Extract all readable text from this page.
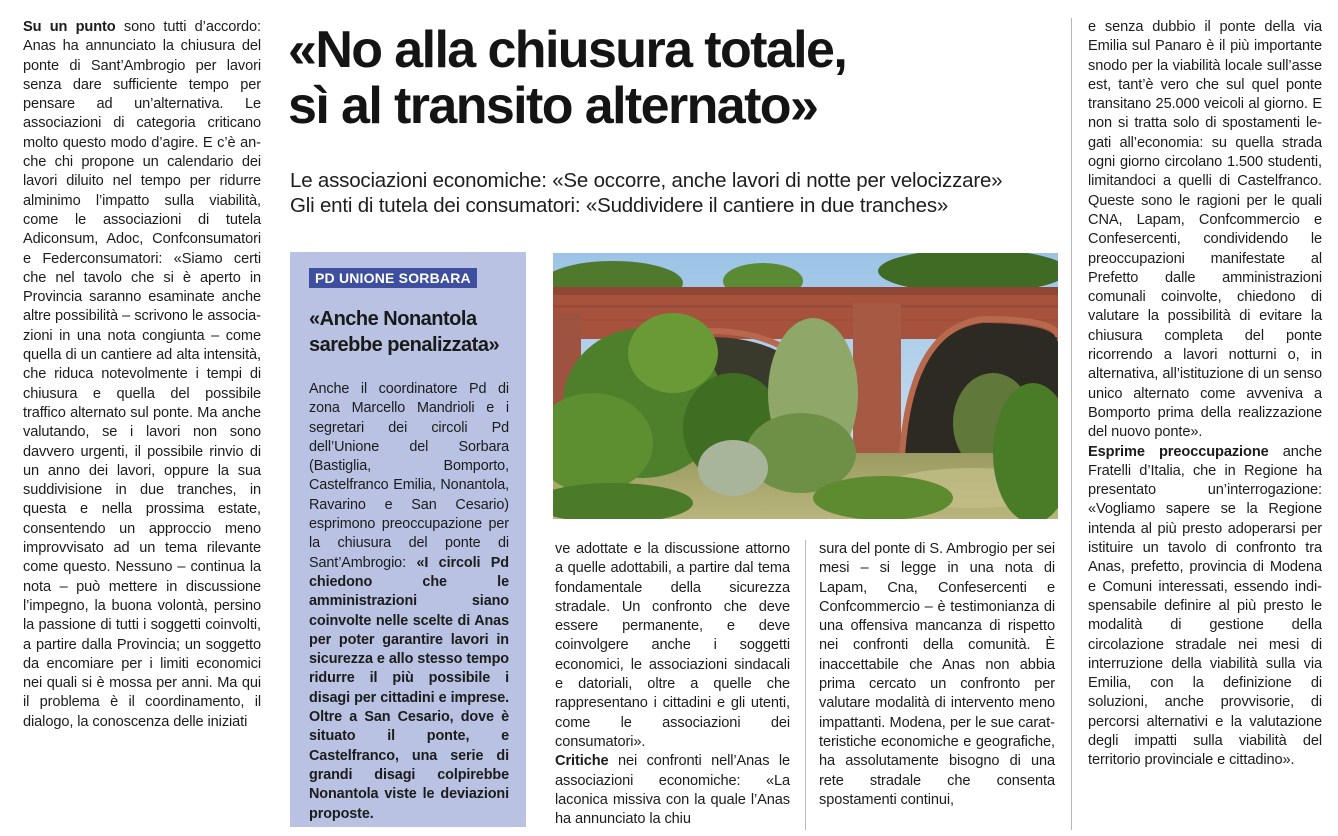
Su un punto sono tutti d’accordo: Anas ha annunciato la chiusura del ponte di Sant’Ambrogio per lavori senza dare sufficiente tempo per pensare ad un’alternativa. Le associazioni di categoria criticano molto questo modo d’agire. E c’è anche chi propone un calendario dei lavori diluito nel tempo per ridurre alminimo l’impatto sulla viabilità, come le associazioni di tutela Adiconsum, Adoc, Confconsumatori e Federconsumatori: «Siamo certi che nel tavolo che si è aperto in Provincia saranno esaminate anche altre possibilità – scrivono le associazioni in una nota congiunta – come quella di un cantiere ad alta intensità, che riduca notevolmente i tempi di chiusura e quella del possibile traffico alternato sul ponte. Ma anche valutando, se i lavori non sono davvero urgenti, il possibile rinvio di un anno dei lavori, oppure la sua suddivisione in due tranches, in questa e nella prossima estate, consentendo un approccio meno improvvisato ad un tema rilevante come questo. Nessuno – continua la nota – può mettere in discussione l’impegno, la buona volontà, persino la passione di tutti i soggetti coinvolti, a partire dalla Provincia; un soggetto da encomiare per i limiti economici nei quali si è mossa per anni. Ma qui il problema è il coordinamento, il dialogo, la conoscenza delle iniziati

«No alla chiusura totale,
sì al transito alternato»
Le associazioni economiche: «Se occorre, anche lavori di notte per velocizzare»
Gli enti di tutela dei consumatori: «Suddividere il cantiere in due tranches»
PD UNIONE SORBARA
«Anche Nonantola sarebbe penalizzata»
Anche il coordinatore Pd di zona Marcello Mandrioli e i segretari dei circoli Pd dell’Unione del Sorbara (Bastiglia, Bomporto, Castelfranco Emilia, Nonantola, Ravarino e San Cesario) esprimono preoccupazione per la chiusura del ponte di Sant’Ambrogio: «I circoli Pd chiedono che le amministrazioni siano coinvolte nelle scelte di Anas per poter garantire lavori in sicurezza e allo stesso tempo ridurre il più possibile i disagi per cittadini e imprese. Oltre a San Cesario, dove è situato il ponte, e Castelfranco, una serie di grandi disagi colpirebbe Nonantola viste le deviazioni proposte.

ve adottate e la discussione attorno a quelle adottabili, a partire dal tema fondamentale della sicurezza stradale. Un confronto che deve essere permanente, e deve coinvolgere anche i soggetti economici, le associazioni sindacali e datoriali, oltre a quelle che rappresentano i cittadini e gli utenti, come le associazioni dei consumatori».

Critiche nei confronti nell’Anas le associazioni economiche: «La laconica missiva con la quale l’Anas ha annunciato la chiu

sura del ponte di S. Ambrogio per sei mesi – si legge in una nota di Lapam, Cna, Confesercenti e Confcommercio – è testimonianza di una offensiva mancanza di rispetto nei confronti della comunità. È inaccettabile che Anas non abbia prima cercato un confronto per valutare modalità di intervento meno impattanti. Modena, per le sue caratteristiche economiche e geografiche, ha assolutamente bisogno di una rete stradale che consenta spostamenti continui,

e senza dubbio il ponte della via Emilia sul Panaro è il più importante snodo per la viabilità locale sull’asse est, tant’è vero che sul quel ponte transitano 25.000 veicoli al giorno. E non si tratta solo di spostamenti legati all’economia: su quella strada ogni giorno circolano 1.500 studenti, limitandoci a quelli di Castelfranco. Queste sono le ragioni per le quali CNA, Lapam, Confcommercio e Confesercenti, condividendo le preoccupazioni manifestate al Prefetto dalle amministrazioni comunali coinvolte, chiedono di valutare la possibilità di evitare la chiusura completa del ponte ricorrendo a lavori notturni o, in alternativa, all’istituzione di un senso unico alternato come avveniva a Bomporto prima della realizzazione del nuovo ponte».

Esprime preoccupazione anche Fratelli d’Italia, che in Regione ha presentato un’interrogazione: «Vogliamo sapere se la Regione intenda al più presto adoperarsi per istituire un tavolo di confronto tra Anas, prefetto, provincia di Modena e Comuni interessati, essendo indispensabile definire al più presto le modalità di gestione della circolazione stradale nei mesi di interruzione della viabilità sulla via Emilia, con la definizione di soluzioni, anche provvisorie, di percorsi alternativi e la valutazione degli impatti sulla viabilità del territorio provinciale e cittadino».
